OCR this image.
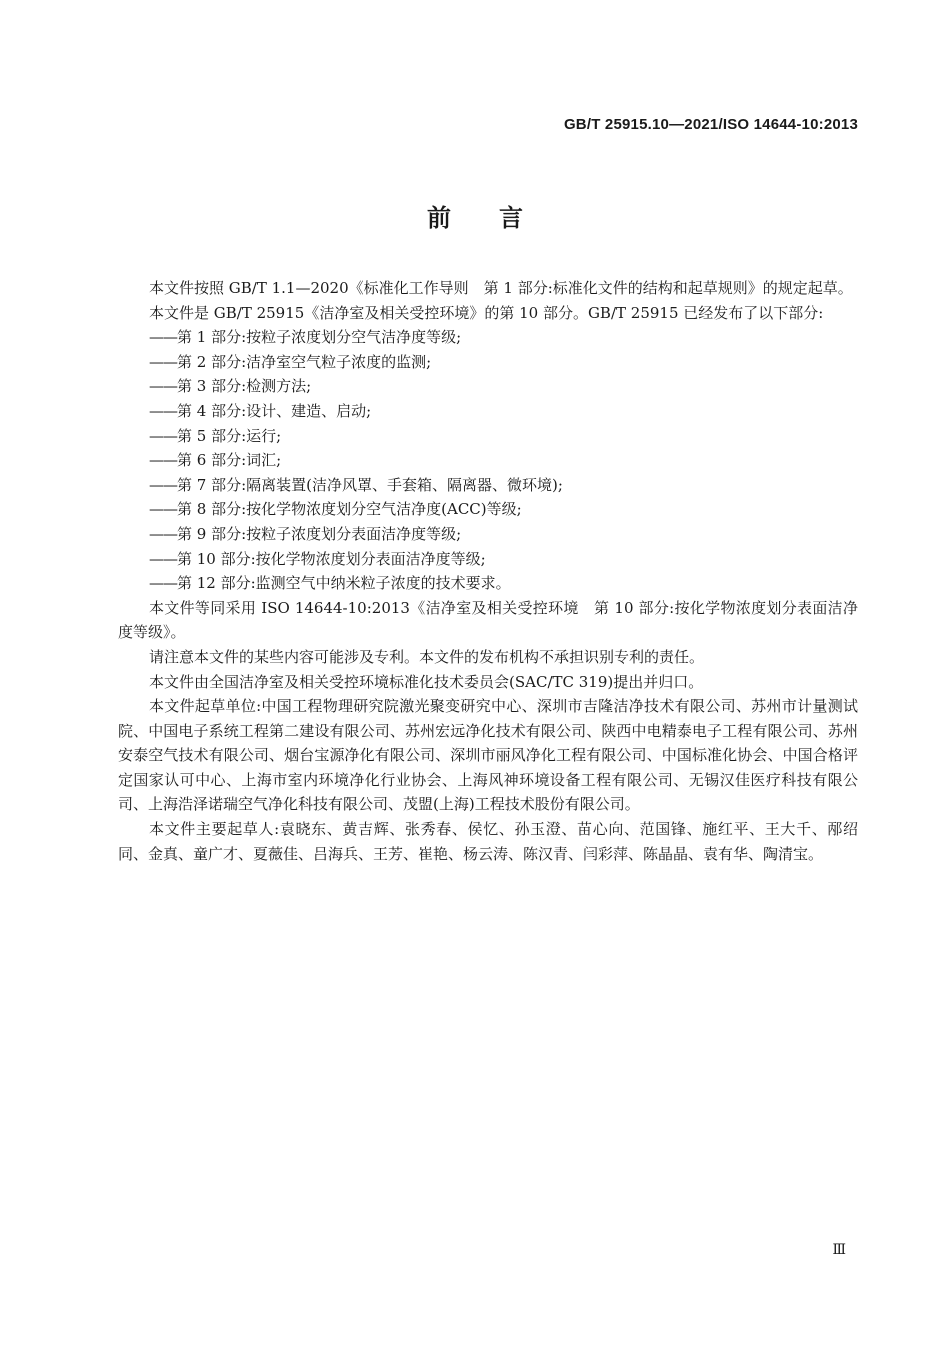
GB/T 25915.10—2021/ISO 14644-10:2013
前言

本文件按照 GB/T 1.1—2020《标准化工作导则　第 1 部分:标准化文件的结构和起草规则》的规定起草。

本文件是 GB/T 25915《洁净室及相关受控环境》的第 10 部分。GB/T 25915 已经发布了以下部分:

——第 1 部分:按粒子浓度划分空气洁净度等级;
——第 2 部分:洁净室空气粒子浓度的监测;
——第 3 部分:检测方法;
——第 4 部分:设计、建造、启动;
——第 5 部分:运行;
——第 6 部分:词汇;
——第 7 部分:隔离装置(洁净风罩、手套箱、隔离器、微环境);
——第 8 部分:按化学物浓度划分空气洁净度(ACC)等级;
——第 9 部分:按粒子浓度划分表面洁净度等级;
——第 10 部分:按化学物浓度划分表面洁净度等级;
——第 12 部分:监测空气中纳米粒子浓度的技术要求。

本文件等同采用 ISO 14644-10:2013《洁净室及相关受控环境　第 10 部分:按化学物浓度划分表面洁净度等级》。

请注意本文件的某些内容可能涉及专利。本文件的发布机构不承担识别专利的责任。

本文件由全国洁净室及相关受控环境标准化技术委员会(SAC/TC 319)提出并归口。

本文件起草单位:中国工程物理研究院激光聚变研究中心、深圳市吉隆洁净技术有限公司、苏州市计量测试院、中国电子系统工程第二建设有限公司、苏州宏远净化技术有限公司、陕西中电精泰电子工程有限公司、苏州安泰空气技术有限公司、烟台宝源净化有限公司、深圳市丽风净化工程有限公司、中国标准化协会、中国合格评定国家认可中心、上海市室内环境净化行业协会、上海风神环境设备工程有限公司、无锡汉佳医疗科技有限公司、上海浩泽诺瑞空气净化科技有限公司、茂盟(上海)工程技术股份有限公司。

本文件主要起草人:袁晓东、黄吉辉、张秀春、侯忆、孙玉澄、苗心向、范国锋、施红平、王大千、邴绍同、金真、童广才、夏薇佳、吕海兵、王芳、崔艳、杨云涛、陈汉青、闫彩萍、陈晶晶、袁有华、陶清宝。

Ⅲ
